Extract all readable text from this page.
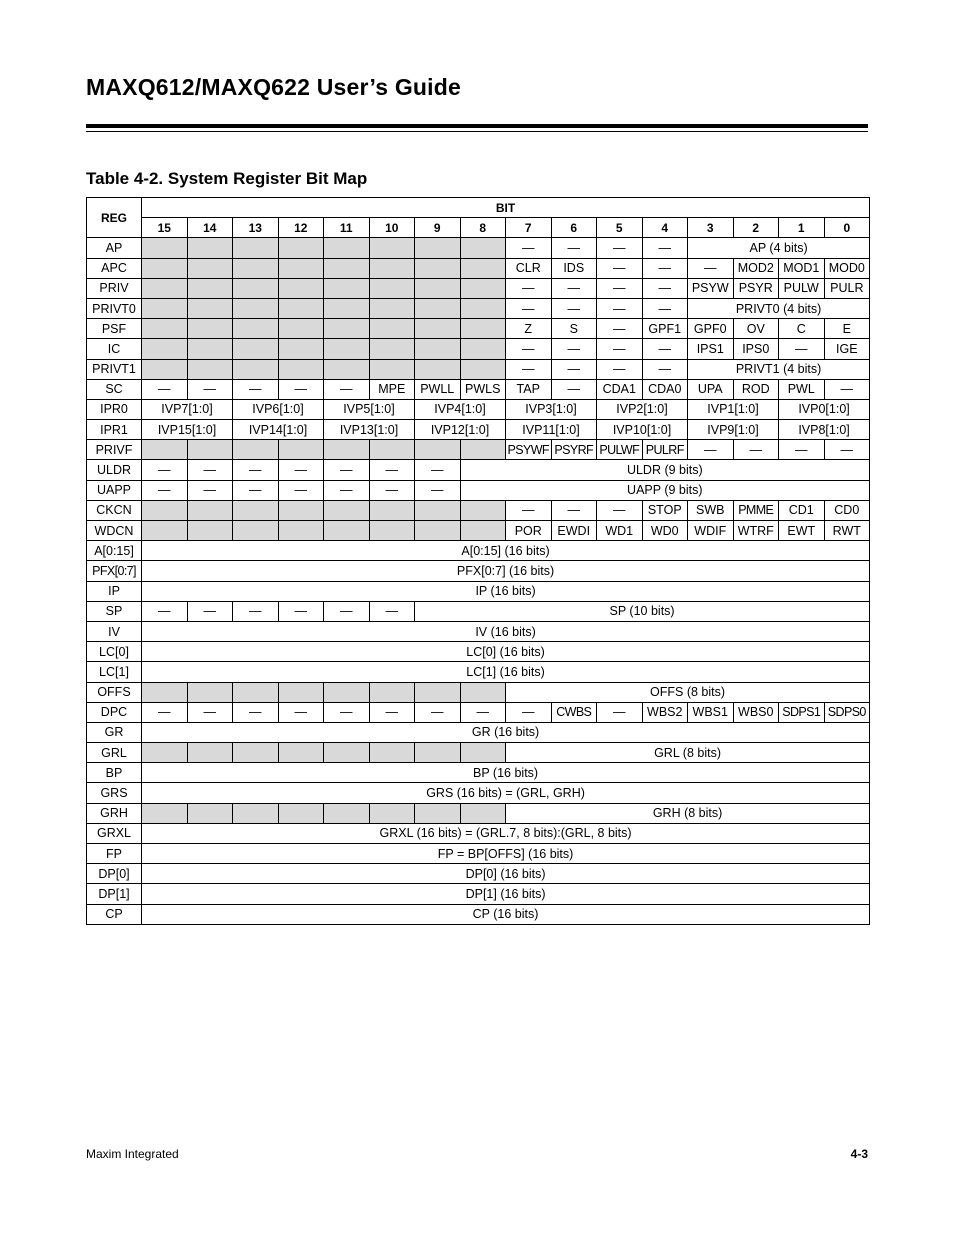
MAXQ612/MAXQ622 User’s Guide
Table 4-2. System Register Bit Map
REG	BIT															
	15	14	13	12	11	10	9	8	7	6	5	4	3	2	1	0
AP									—	—	—	—	AP (4 bits)			
APC									CLR	IDS	—	—	—	MOD2	MOD1	MOD0
PRIV									—	—	—	—	PSYW	PSYR	PULW	PULR
PRIVT0									—	—	—	—	PRIVT0 (4 bits)			
PSF									Z	S	—	GPF1	GPF0	OV	C	E
IC									—	—	—	—	IPS1	IPS0	—	IGE
PRIVT1									—	—	—	—	PRIVT1 (4 bits)			
SC	—	—	—	—	—	MPE	PWLL	PWLS	TAP	—	CDA1	CDA0	UPA	ROD	PWL	—
IPR0	IVP7[1:0]		IVP6[1:0]		IVP5[1:0]		IVP4[1:0]		IVP3[1:0]		IVP2[1:0]		IVP1[1:0]		IVP0[1:0]	
IPR1	IVP15[1:0]		IVP14[1:0]		IVP13[1:0]		IVP12[1:0]		IVP11[1:0]		IVP10[1:0]		IVP9[1:0]		IVP8[1:0]	
PRIVF									PSYWF	PSYRF	PULWF	PULRF	—	—	—	—
ULDR	—	—	—	—	—	—	—	ULDR (9 bits)								
UAPP	—	—	—	—	—	—	—	UAPP (9 bits)								
CKCN									—	—	—	STOP	SWB	PMME	CD1	CD0
WDCN									POR	EWDI	WD1	WD0	WDIF	WTRF	EWT	RWT
A[0:15]	A[0:15] (16 bits)															
PFX[0:7]	PFX[0:7] (16 bits)															
IP	IP (16 bits)															
SP	—	—	—	—	—	—	SP (10 bits)									
IV	IV (16 bits)															
LC[0]	LC[0] (16 bits)															
LC[1]	LC[1] (16 bits)															
OFFS									OFFS (8 bits)							
DPC	—	—	—	—	—	—	—	—	—	CWBS	—	WBS2	WBS1	WBS0	SDPS1	SDPS0
GR	GR (16 bits)															
GRL									GRL (8 bits)							
BP	BP (16 bits)															
GRS	GRS (16 bits) = (GRL, GRH)															
GRH									GRH (8 bits)							
GRXL	GRXL (16 bits) = (GRL.7, 8 bits):(GRL, 8 bits)															
FP	FP = BP[OFFS] (16 bits)															
DP[0]	DP[0] (16 bits)															
DP[1]	DP[1] (16 bits)															
CP	CP (16 bits)															
Maxim Integrated	4-3
